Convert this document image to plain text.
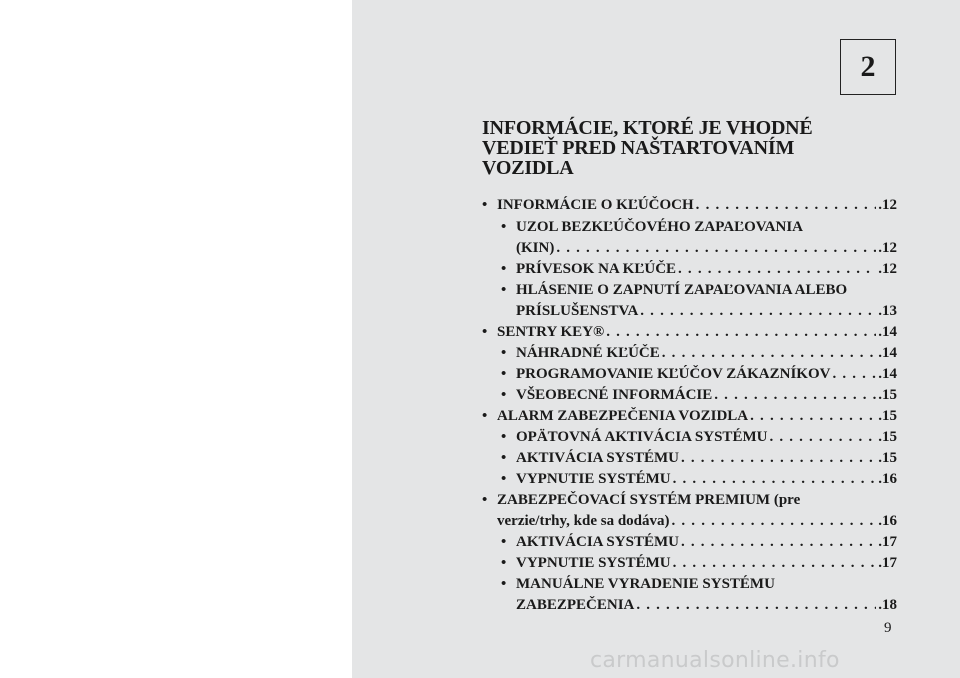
2
INFORMÁCIE, KTORÉ JE VHODNÉ
VEDIEŤ PRED NAŠTARTOVANÍM
VOZIDLA
• INFORMÁCIE O KĽÚČOCH . . .	.12
• UZOL BEZKĽÚČOVÉHO ZAPAĽOVANIA
(KIN) . . .	.12
• PRÍVESOK NA KĽÚČE . . .	.12
• HLÁSENIE O ZAPNUTÍ ZAPAĽOVANIA ALEBO
PRÍSLUŠENSTVA . . .	.13
• SENTRY KEY® . . .	.14
• NÁHRADNÉ KĽÚČE . . .	.14
• PROGRAMOVANIE KĽÚČOV ZÁKAZNÍKOV . . .	.14
• VŠEOBECNÉ INFORMÁCIE . . .	.15
• ALARM ZABEZPEČENIA VOZIDLA . . .	.15
• OPÄTOVNÁ AKTIVÁCIA SYSTÉMU . . .	.15
• AKTIVÁCIA SYSTÉMU . . .	.15
• VYPNUTIE SYSTÉMU . . .	.16
• ZABEZPEČOVACÍ SYSTÉM PREMIUM (pre
verzie/trhy, kde sa dodáva) . . .	.16
• AKTIVÁCIA SYSTÉMU . . .	.17
• VYPNUTIE SYSTÉMU . . .	.17
• MANUÁLNE VYRADENIE SYSTÉMU
ZABEZPEČENIA . . .	.18
9
carmanualsonline.info
